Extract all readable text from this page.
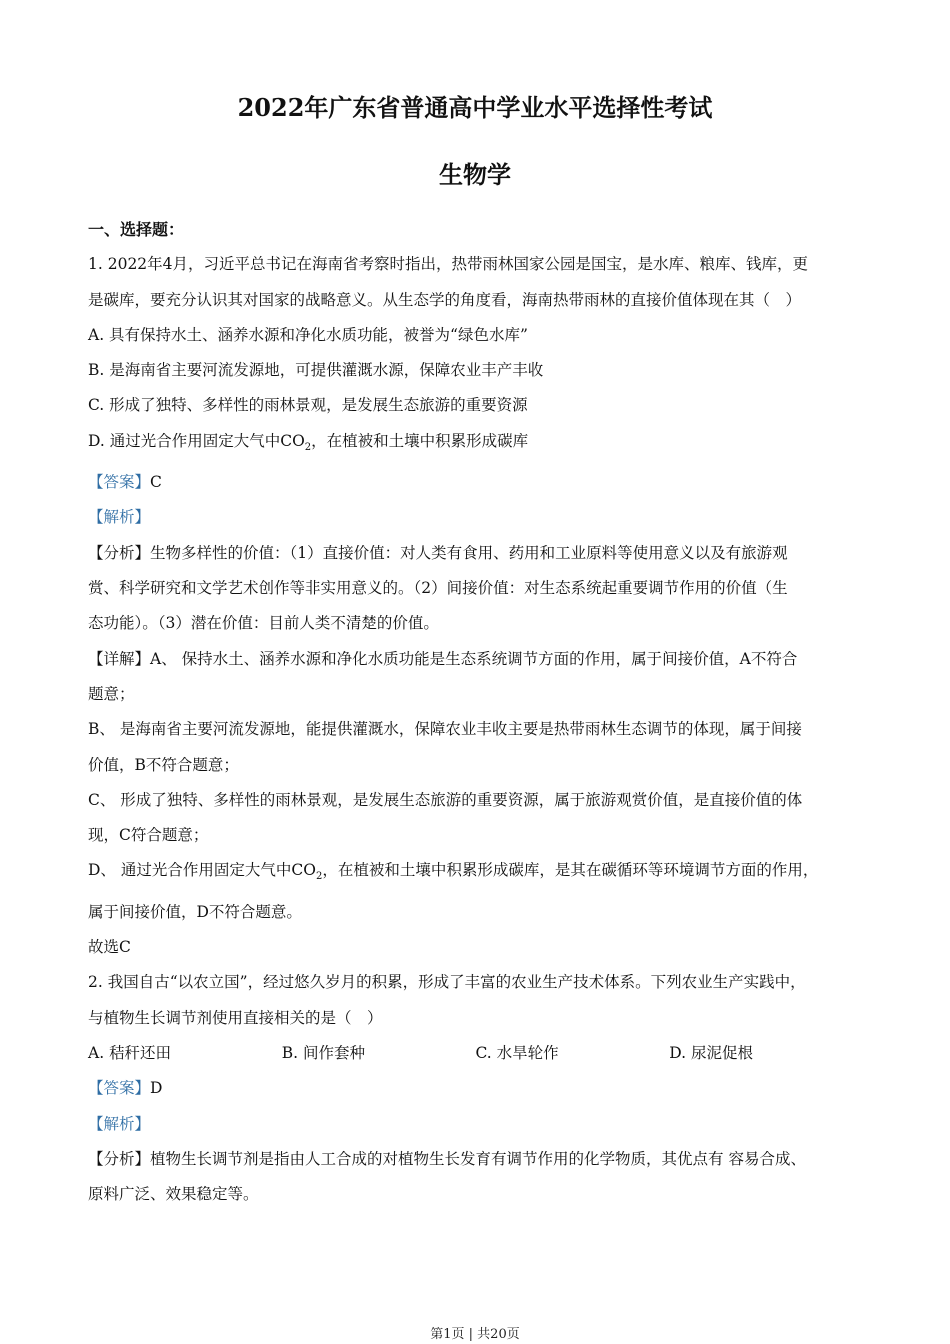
2022年广东省普通高中学业水平选择性考试
生物学

一、选择题：

1. 2022年4月，习近平总书记在海南省考察时指出，热带雨林国家公园是国宝，是水库、粮库、钱库，更

是碳库，要充分认识其对国家的战略意义。从生态学的角度看，海南热带雨林的直接价值体现在其（　）

A. 具有保持水土、涵养水源和净化水质功能，被誉为“绿色水库”

B. 是海南省主要河流发源地，可提供灌溉水源，保障农业丰产丰收

C. 形成了独特、多样性的雨林景观，是发展生态旅游的重要资源

D. 通过光合作用固定大气中$CO_2$，在植被和土壤中积累形成碳库

【答案】C

【解析】

【分析】生物多样性的价值：（1）直接价值：对人类有食用、药用和工业原料等使用意义以及有旅游观

赏、科学研究和文学艺术创作等非实用意义的。（2）间接价值：对生态系统起重要调节作用的价值（生

态功能）。（3）潜在价值：目前人类不清楚的价值。

【详解】A、 保持水土、涵养水源和净化水质功能是生态系统调节方面的作用，属于间接价值，A不符合

题意；

B、 是海南省主要河流发源地，能提供灌溉水，保障农业丰收主要是热带雨林生态调节的体现，属于间接

价值，B不符合题意；

C、 形成了独特、多样性的雨林景观，是发展生态旅游的重要资源，属于旅游观赏价值，是直接价值的体

现，C符合题意；

D、 通过光合作用固定大气中$CO_2$，在植被和土壤中积累形成碳库，是其在碳循环等环境调节方面的作用，

属于间接价值，D不符合题意。

故选C

2. 我国自古“以农立国”，经过悠久岁月的积累，形成了丰富的农业生产技术体系。下列农业生产实践中，

与植物生长调节剂使用直接相关的是（　）

A. 秸秆还田	B. 间作套种	C. 水旱轮作	D. 尿泥促根

【答案】D

【解析】

【分析】植物生长调节剂是指由人工合成的对植物生长发育有调节作用的化学物质，其优点有 容易合成、

原料广泛、效果稳定等。

第1页 | 共20页
